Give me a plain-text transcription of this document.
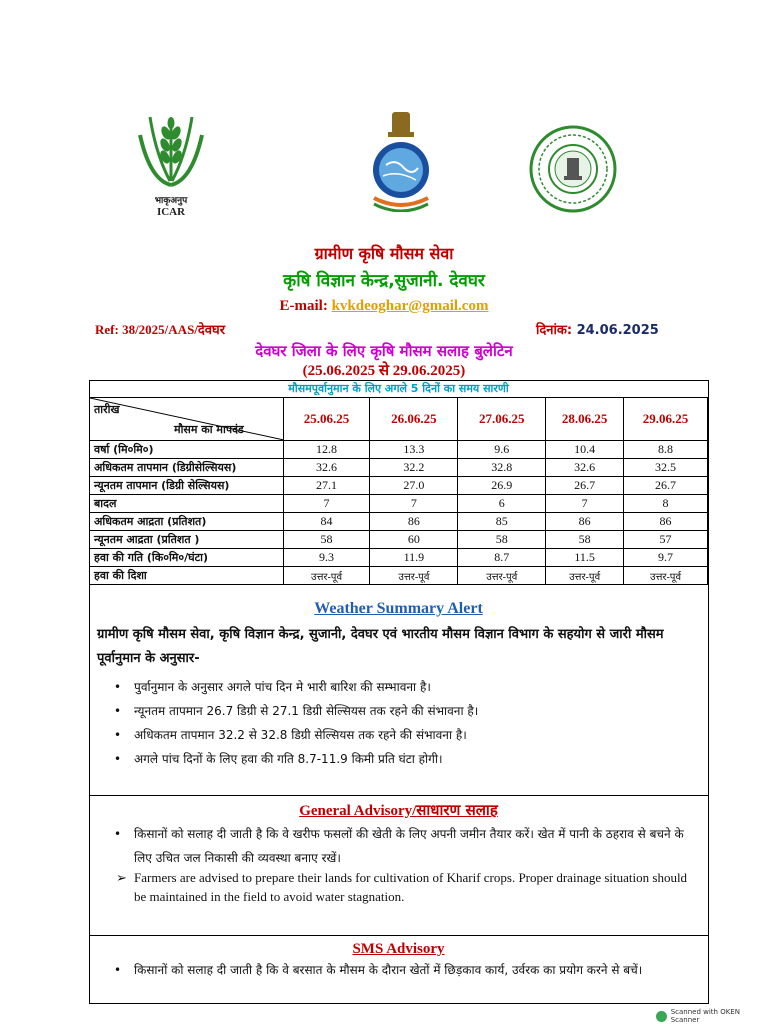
भाकृअनुप
ICAR
ग्रामीण कृषि मौसम सेवा
कृषि विज्ञान केन्द्र,सुजानी. देवघर
E-mail: kvkdeoghar@gmail.com
Ref: 38/2025/AAS/देवघर	दिनांक: 24.06.2025
देवघर जिला के लिए कृषि मौसम सलाह बुलेटिन
(25.06.2025 से 29.06.2025)
मौसमपूर्वानुमान के लिए अगले 5 दिनों का समय सारणी
तारीख
मौसम का मापदंड	25.06.25	26.06.25	27.06.25	28.06.25	29.06.25
वर्षा (मि०मि०)	12.8	13.3	9.6	10.4	8.8
अधिकतम तापमान (डिग्रीसेल्सियस)	32.6	32.2	32.8	32.6	32.5
न्यूनतम तापमान (डिग्री सेल्सियस)	27.1	27.0	26.9	26.7	26.7
बादल	7	7	6	7	8
अधिकतम आद्रता (प्रतिशत)	84	86	85	86	86
न्यूनतम आद्रता (प्रतिशत )	58	60	58	58	57
हवा की गति (कि०मि०/घंटा)	9.3	11.9	8.7	11.5	9.7
हवा की दिशा	उत्तर-पूर्व	उत्तर-पूर्व	उत्तर-पूर्व	उत्तर-पूर्व	उत्तर-पूर्व
Weather Summary Alert
ग्रामीण कृषि मौसम सेवा, कृषि विज्ञान केन्द्र, सुजानी, देवघर एवं भारतीय मौसम विज्ञान विभाग के सहयोग से जारी मौसम पूर्वानुमान के अनुसार-
• पुर्वानुमान के अनुसार अगले पांच दिन मे भारी बारिश की सम्भावना है।
• न्यूनतम तापमान 26.7 डिग्री से 27.1 डिग्री सेल्सियस तक रहने की संभावना है।
• अधिकतम तापमान 32.2 से 32.8 डिग्री सेल्सियस तक रहने की संभावना है।
• अगले पांच दिनों के लिए हवा की गति 8.7-11.9 किमी प्रति घंटा होगी।
General Advisory/साधारण सलाह
• किसानों को सलाह दी जाती है कि वे खरीफ फसलों की खेती के लिए अपनी जमीन तैयार करें। खेत में पानी के ठहराव से बचने के लिए उचित जल निकासी की व्यवस्था बनाए रखें।
➢ Farmers are advised to prepare their lands for cultivation of Kharif crops. Proper drainage situation should be maintained in the field to avoid water stagnation.
SMS Advisory
• किसानों को सलाह दी जाती है कि वे बरसात के मौसम के दौरान खेतों में छिड़काव कार्य, उर्वरक का प्रयोग करने से बचें।
Scanned with OKEN Scanner
